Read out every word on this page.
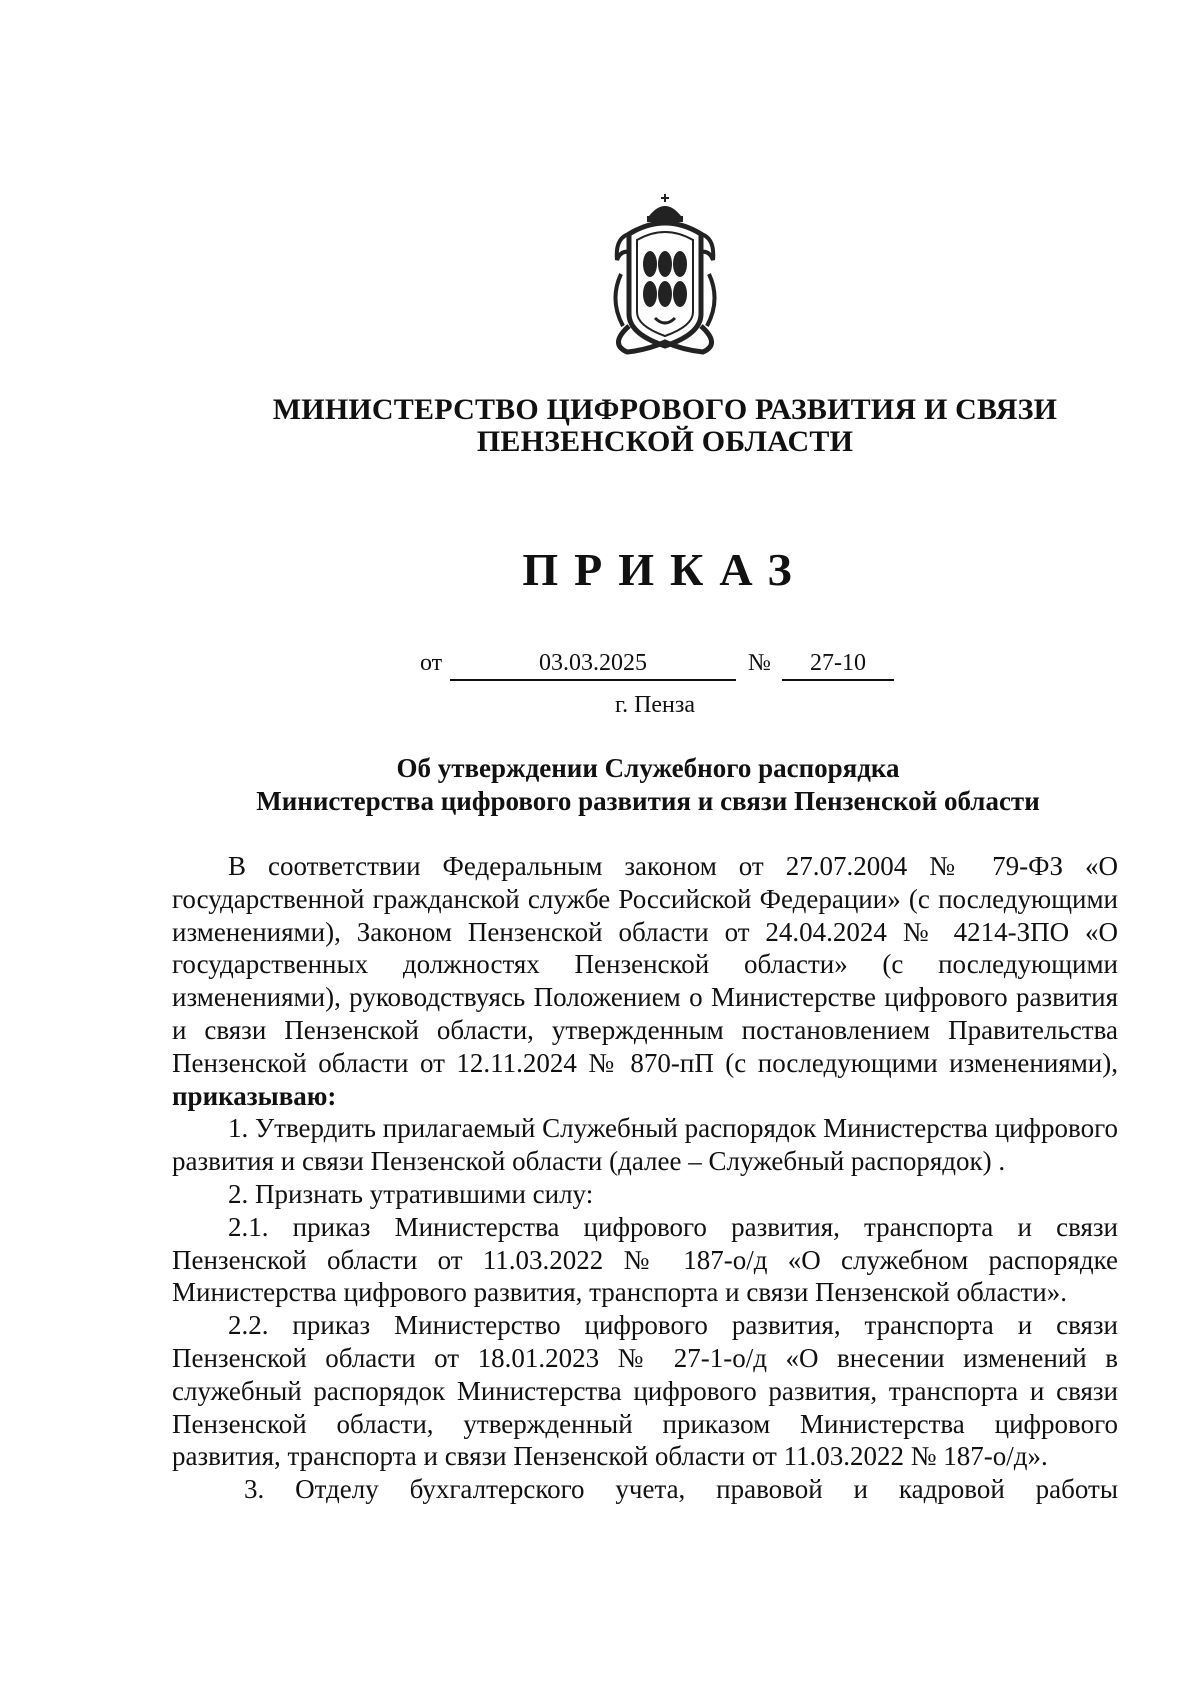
МИНИСТЕРСТВО ЦИФРОВОГО РАЗВИТИЯ И СВЯЗИ
ПЕНЗЕНСКОЙ ОБЛАСТИ
ПРИКАЗ
от	03.03.2025	№	27-10
г. Пенза
Об утверждении Служебного распорядка
Министерства цифрового развития и связи Пензенской области

В соответствии Федеральным законом от 27.07.2004 № 79-ФЗ «О государственной гражданской службе Российской Федерации» (с последующими изменениями), Законом Пензенской области от 24.04.2024 № 4214-ЗПО «О государственных должностях Пензенской области» (с последующими изменениями), руководствуясь Положением о Министерстве цифрового развития и связи Пензенской области, утвержденным постановлением Правительства Пензенской области от 12.11.2024 № 870-пП (с последующими изменениями), приказываю:

1. Утвердить прилагаемый Служебный распорядок Министерства цифрового развития и связи Пензенской области (далее – Служебный распорядок) .

2. Признать утратившими силу:

2.1. приказ Министерства цифрового развития, транспорта и связи Пензенской области от 11.03.2022 № 187-о/д «О служебном распорядке Министерства цифрового развития, транспорта и связи Пензенской области».

2.2. приказ Министерство цифрового развития, транспорта и связи Пензенской области от 18.01.2023 № 27-1-о/д «О внесении изменений в служебный распорядок Министерства цифрового развития, транспорта и связи Пензенской области, утвержденный приказом Министерства цифрового развития, транспорта и связи Пензенской области от 11.03.2022 № 187-о/д».

3. Отделу бухгалтерского учета, правовой и кадровой работы
